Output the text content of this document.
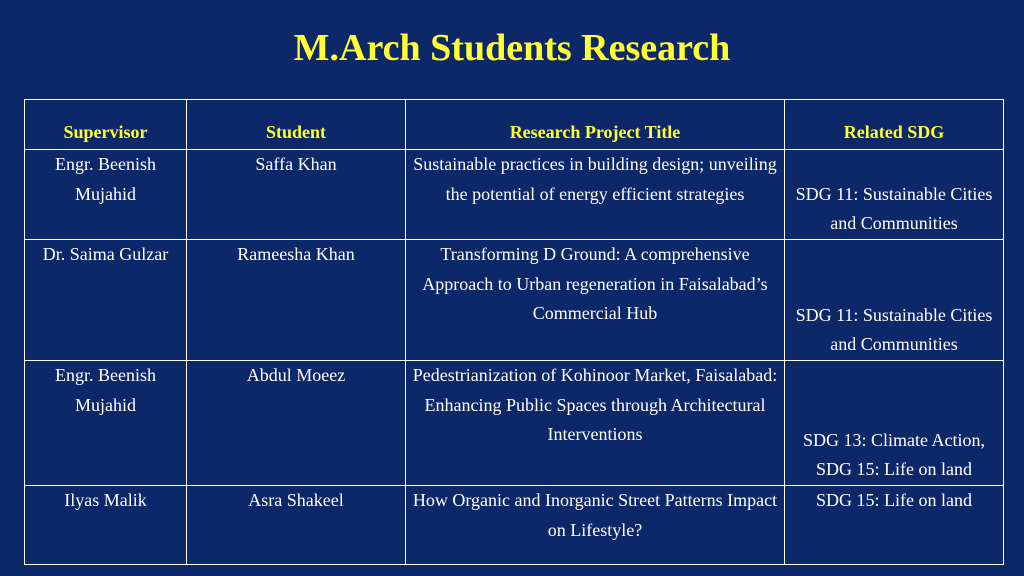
M.Arch Students Research
Supervisor	Student	Research Project Title	Related SDG
Engr. Beenish Mujahid	Saffa Khan	Sustainable practices in building design; unveiling the potential of energy efficient strategies	SDG 11: Sustainable Cities and Communities
Dr. Saima Gulzar	Rameesha Khan	Transforming D Ground: A comprehensive Approach to Urban regeneration in Faisalabad’s Commercial Hub	SDG 11: Sustainable Cities and Communities
Engr. Beenish Mujahid	Abdul Moeez	Pedestrianization of Kohinoor Market, Faisalabad: Enhancing Public Spaces through Architectural Interventions	SDG 13: Climate Action, SDG 15: Life on land
Ilyas Malik	Asra Shakeel	How Organic and Inorganic Street Patterns Impact on Lifestyle?	SDG 15: Life on land
